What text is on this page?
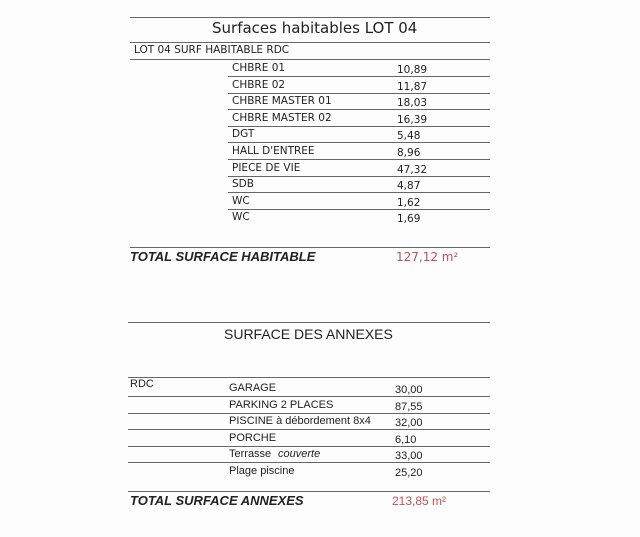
Surfaces habitables LOT 04
LOT 04 SURF HABITABLE RDC
CHBRE 01	10,89
CHBRE 02	11,87
CHBRE MASTER 01	18,03
CHBRE MASTER 02	16,39
DGT	5,48
HALL D'ENTREE	8,96
PIECE DE VIE	47,32
SDB	4,87
WC	1,62
WC	1,69
TOTAL SURFACE HABITABLE	127,12 m²
SURFACE DES ANNEXES
RDC	GARAGE	30,00
PARKING 2 PLACES	87,55
PISCINE à débordement 8x4 32,00
PORCHE	6,10
Terrasse couverte	33,00
Plage piscine	25,20
TOTAL SURFACE ANNEXES	213,85 m²
